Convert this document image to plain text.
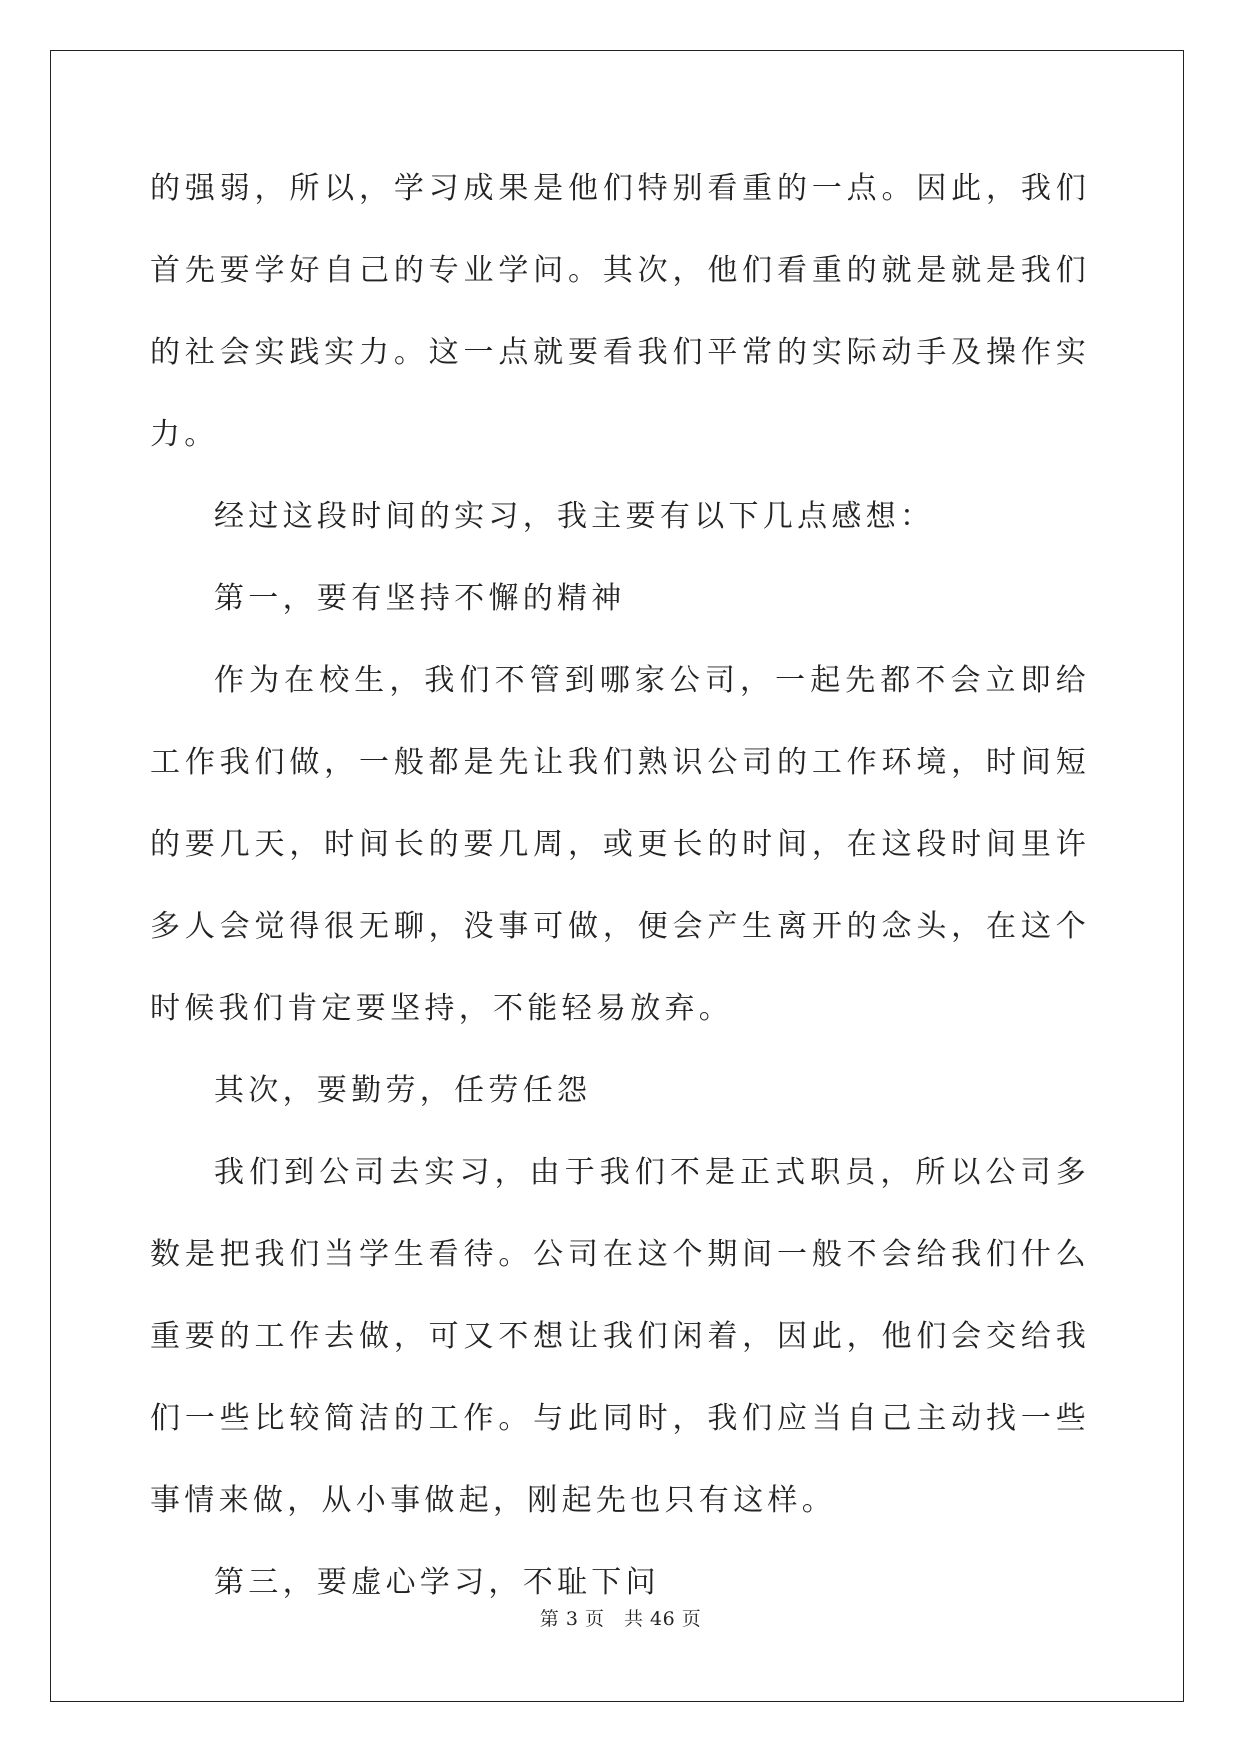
的强弱，所以，学习成果是他们特别看重的一点。因此，我们首先要学好自己的专业学问。其次，他们看重的就是就是我们的社会实践实力。这一点就要看我们平常的实际动手及操作实力。

经过这段时间的实习，我主要有以下几点感想：

第一，要有坚持不懈的精神

作为在校生，我们不管到哪家公司，一起先都不会立即给工作我们做，一般都是先让我们熟识公司的工作环境，时间短的要几天，时间长的要几周，或更长的时间，在这段时间里许多人会觉得很无聊，没事可做，便会产生离开的念头，在这个时候我们肯定要坚持，不能轻易放弃。

其次，要勤劳，任劳任怨

我们到公司去实习，由于我们不是正式职员，所以公司多数是把我们当学生看待。公司在这个期间一般不会给我们什么重要的工作去做，可又不想让我们闲着，因此，他们会交给我们一些比较简洁的工作。与此同时，我们应当自己主动找一些事情来做，从小事做起，刚起先也只有这样。

第三，要虚心学习，不耻下问

第 3 页　共 46 页
